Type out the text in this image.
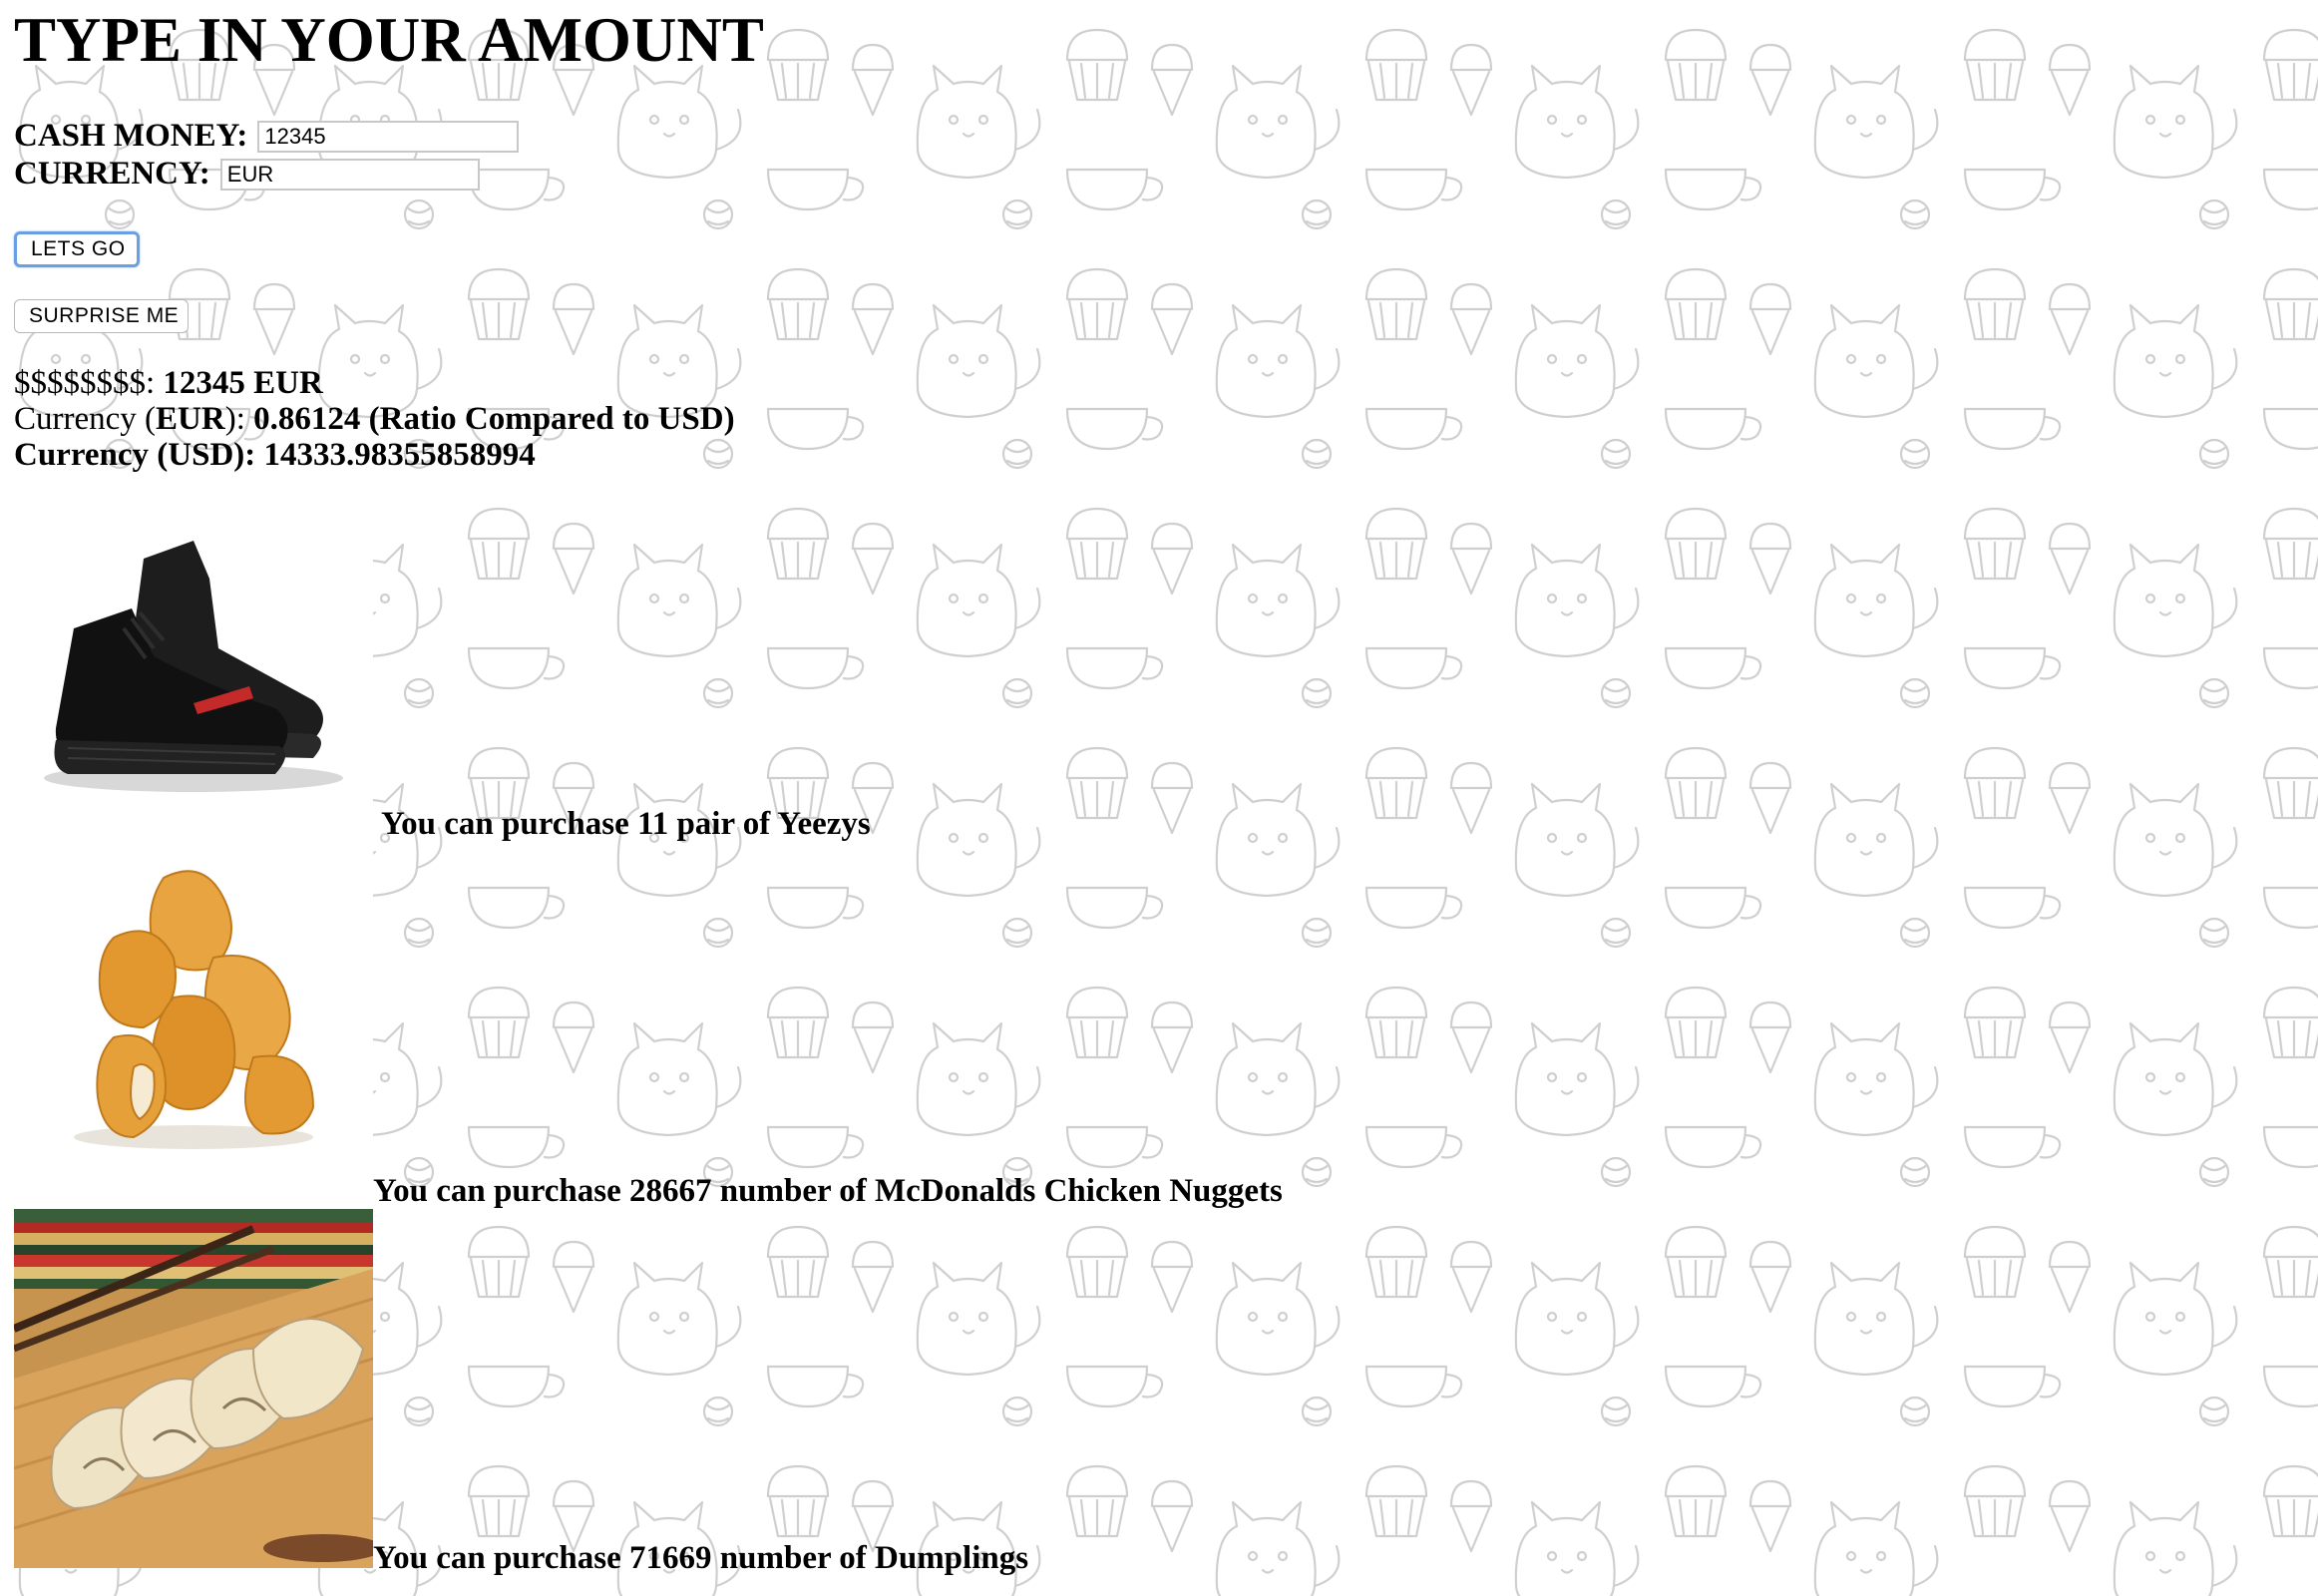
TYPE IN YOUR AMOUNT
CASH MONEY:
12345
CURRENCY:
EUR
LETS GO
SURPRISE ME
$$$$$$$$: 12345 EUR
Currency (EUR): 0.86124 (Ratio Compared to USD)
Currency (USD): 14333.98355858994
You can purchase 11 pair of Yeezys
You can purchase 28667 number of McDonalds Chicken Nuggets
You can purchase 71669 number of Dumplings
